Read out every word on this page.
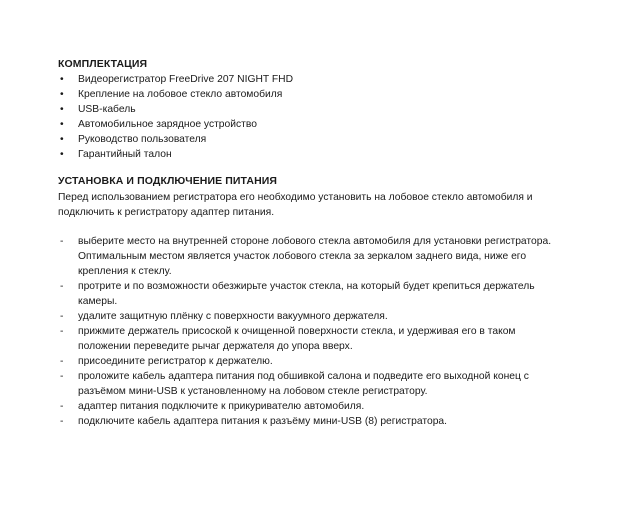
КОМПЛЕКТАЦИЯ
• Видеорегистратор FreeDrive 207 NIGHT FHD
• Крепление на лобовое стекло автомобиля
• USB-кабель
• Автомобильное зарядное устройство
• Руководство пользователя
• Гарантийный талон
УСТАНОВКА И ПОДКЛЮЧЕНИЕ ПИТАНИЯ

Перед использованием регистратора его необходимо установить на лобовое стекло автомобиля и подключить к регистратору адаптер питания.

- выберите место на внутренней стороне лобового стекла автомобиля для установки регистратора. Оптимальным местом является участок лобового стекла за зеркалом заднего вида, ниже его крепления к стеклу.
- протрите и по возможности обезжирьте участок стекла, на который будет крепиться держатель камеры.
- удалите защитную плёнку с поверхности вакуумного держателя.
- прижмите держатель присоской к очищенной поверхности стекла, и удерживая его в таком положении переведите рычаг держателя до упора вверх.
- присоедините регистратор к держателю.
- проложите кабель адаптера питания под обшивкой салона и подведите его выходной конец с разъёмом мини-USB к установленному на лобовом стекле регистратору.
- адаптер питания подключите к прикуривателю автомобиля.
- подключите кабель адаптера питания к разъёму мини-USB (8) регистратора.
